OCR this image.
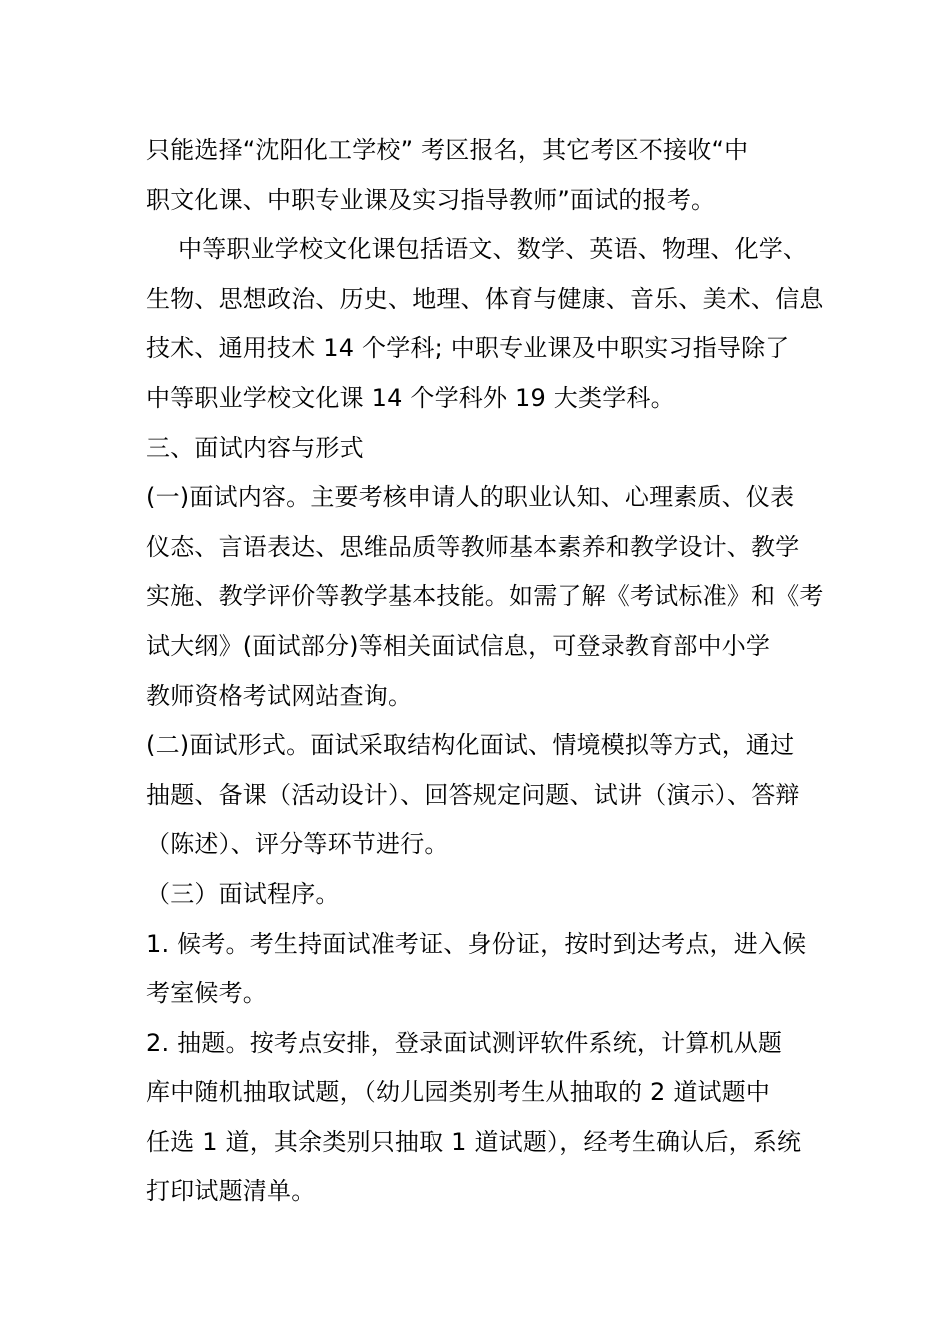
只能选择“沈阳化工学校” 考区报名，其它考区不接收“中
职文化课、中职专业课及实习指导教师”面试的报考。
中等职业学校文化课包括语文、数学、英语、物理、化学、
生物、思想政治、历史、地理、体育与健康、音乐、美术、信息
技术、通用技术 14 个学科; 中职专业课及中职实习指导除了
中等职业学校文化课 14 个学科外 19 大类学科。
三、面试内容与形式
(一)面试内容。主要考核申请人的职业认知、心理素质、仪表
仪态、言语表达、思维品质等教师基本素养和教学设计、教学
实施、教学评价等教学基本技能。如需了解《考试标准》和《考
试大纲》(面试部分)等相关面试信息，可登录教育部中小学
教师资格考试网站查询。
(二)面试形式。面试采取结构化面试、情境模拟等方式，通过
抽题、备课（活动设计）、回答规定问题、试讲（演示）、答辩
（陈述）、评分等环节进行。
（三）面试程序。
1. 候考。考生持面试准考证、身份证，按时到达考点，进入候
考室候考。
2. 抽题。按考点安排，登录面试测评软件系统，计算机从题
库中随机抽取试题，（幼儿园类别考生从抽取的 2 道试题中
任选 1 道，其余类别只抽取 1 道试题），经考生确认后，系统
打印试题清单。
